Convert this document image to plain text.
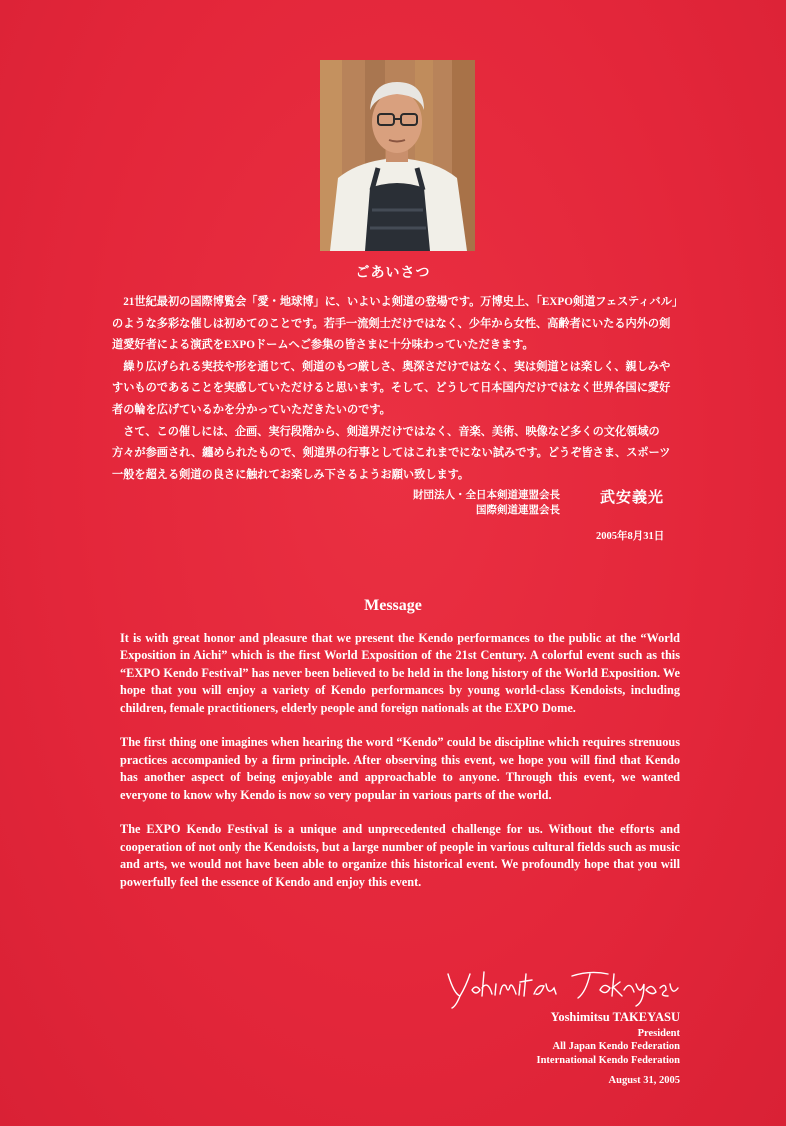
ごあいさつ

21世紀最初の国際博覧会「愛・地球博」に、いよいよ剣道の登場です。万博史上、「EXPO剣道フェスティバル」のような多彩な催しは初めてのことです。若手一流剣士だけではなく、少年から女性、高齢者にいたる内外の剣道愛好者による演武をEXPOドームへご参集の皆さまに十分味わっていただきます。

繰り広げられる実技や形を通じて、剣道のもつ厳しさ、奥深さだけではなく、実は剣道とは楽しく、親しみやすいものであることを実感していただけると思います。そして、どうして日本国内だけではなく世界各国に愛好者の輪を広げているかを分かっていただきたいのです。

さて、この催しには、企画、実行段階から、剣道界だけではなく、音楽、美術、映像など多くの文化領域の方々が参画され、纏められたもので、剣道界の行事としてはこれまでにない試みです。どうぞ皆さま、スポーツ一般を超える剣道の良さに触れてお楽しみ下さるようお願い致します。

財団法人・全日本剣道連盟会長
国際剣道連盟会長
武安義光
2005年8月31日
Message

It is with great honor and pleasure that we present the Kendo performances to the public at the “World Exposition in Aichi” which is the first World Exposition of the 21st Century. A colorful event such as this “EXPO Kendo Festival” has never been believed to be held in the long history of the World Exposition. We hope that you will enjoy a variety of Kendo performances by young world-class Kendoists, including children, female practitioners, elderly people and foreign nationals at the EXPO Dome.

The first thing one imagines when hearing the word “Kendo” could be discipline which requires strenuous practices accompanied by a firm principle. After observing this event, we hope you will find that Kendo has another aspect of being enjoyable and approachable to anyone. Through this event, we wanted everyone to know why Kendo is now so very popular in various parts of the world.

The EXPO Kendo Festival is a unique and unprecedented challenge for us. Without the efforts and cooperation of not only the Kendoists, but a large number of people in various cultural fields such as music and arts, we would not have been able to organize this historical event. We profoundly hope that you will powerfully feel the essence of Kendo and enjoy this event.

Yoshimitsu TAKEYASU
President
All Japan Kendo Federation
International Kendo Federation
August 31, 2005
